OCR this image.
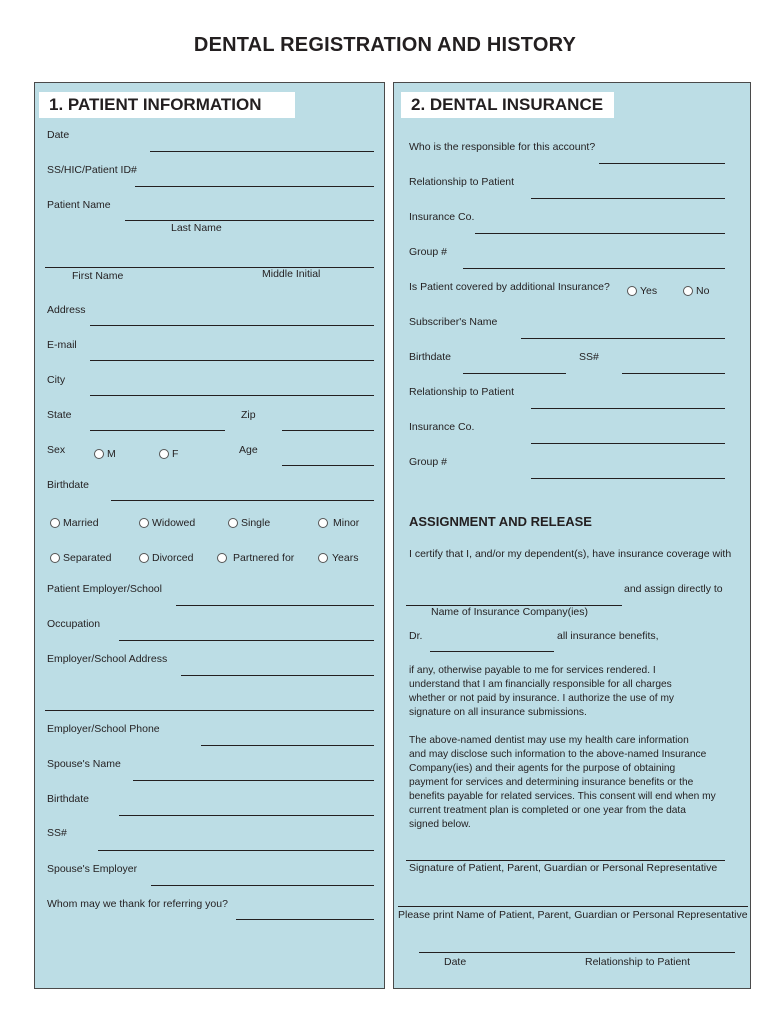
DENTAL REGISTRATION AND HISTORY
1. PATIENT INFORMATION
Date
SS/HIC/Patient ID#
Patient Name
Last Name
First Name	Middle Initial
Address
E-mail
City
State	Zip
Sex	M	F	Age
Birthdate
Married	Widowed	Single	Minor
Separated	Divorced	Partnered for	Years
Patient Employer/School
Occupation
Employer/School Address
Employer/School Phone
Spouse's Name
Birthdate
SS#
Spouse's Employer
Whom may we thank for referring you?
2. DENTAL INSURANCE
Who is the responsible for this account?
Relationship to Patient
Insurance Co.
Group #
Is Patient covered by additional Insurance?	Yes	No
Subscriber's Name
Birthdate	SS#
Relationship to Patient
Insurance Co.
Group #
ASSIGNMENT AND RELEASE
I certify that I, and/or my dependent(s), have insurance coverage with
and assign directly to
Name of Insurance Company(ies)
Dr.	all insurance benefits,
if any, otherwise payable to me for services rendered. I
understand that I am financially responsible for all charges
whether or not paid by insurance. I authorize the use of my
signature on all insurance submissions.
The above-named dentist may use my health care information
and may disclose such information to the above-named Insurance
Company(ies) and their agents for the purpose of obtaining
payment for services and determining insurance benefits or the
benefits payable for related services. This consent will end when my
current treatment plan is completed or one year from the data
signed below.
Signature of Patient, Parent, Guardian or Personal Representative
Please print Name of Patient, Parent, Guardian or Personal Representative
Date	Relationship to Patient
